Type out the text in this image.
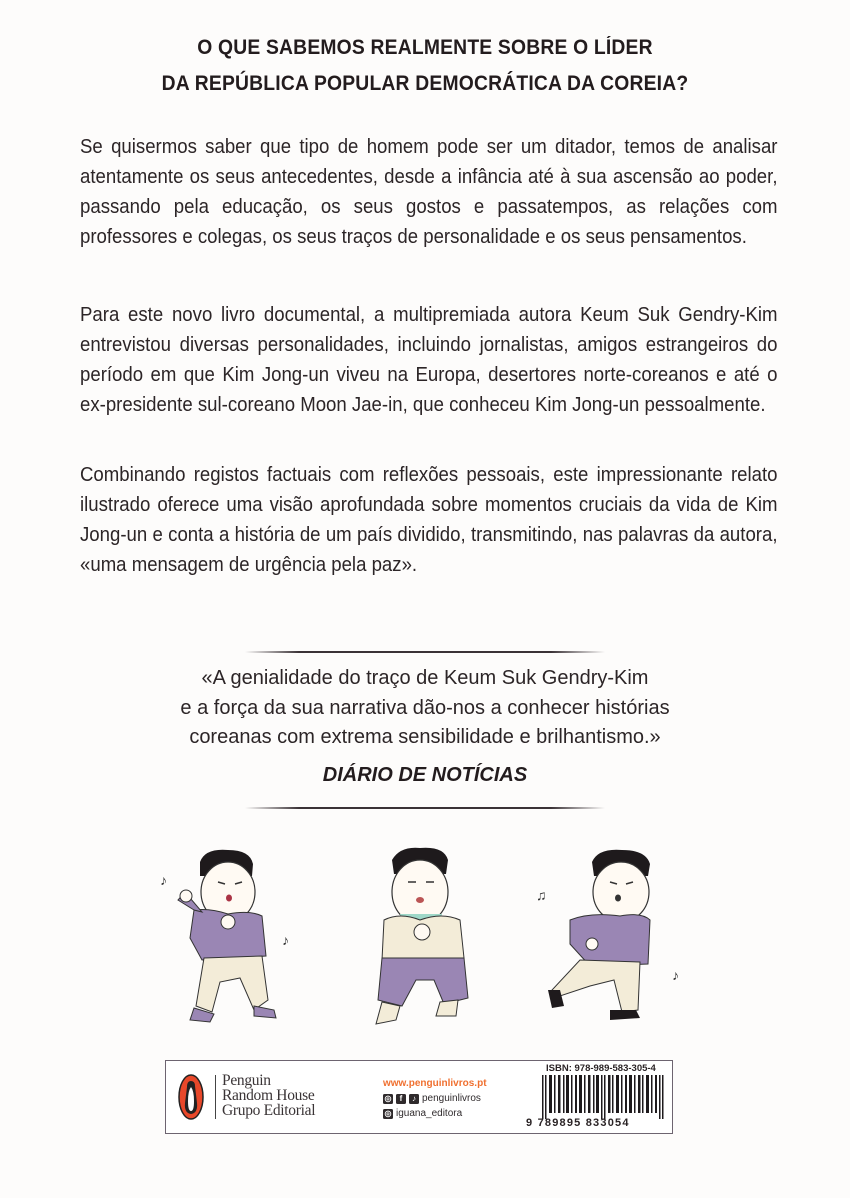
O QUE SABEMOS REALMENTE SOBRE O LÍDER
DA REPÚBLICA POPULAR DEMOCRÁTICA DA COREIA?
Se quisermos saber que tipo de homem pode ser um ditador, temos de analisar atentamente os seus antecedentes, desde a infância até à sua ascensão ao poder, passando pela educação, os seus gostos e passatempos, as relações com professores e colegas, os seus traços de personalidade e os seus pensamentos.
Para este novo livro documental, a multipremiada autora Keum Suk Gendry-Kim entrevistou diversas personalidades, incluindo jornalistas, amigos estrangeiros do período em que Kim Jong-un viveu na Europa, desertores norte-coreanos e até o ex-presidente sul-coreano Moon Jae-in, que conheceu Kim Jong-un pessoalmente.
Combinando registos factuais com reflexões pessoais, este impressionante relato ilustrado oferece uma visão aprofundada sobre momentos cruciais da vida de Kim Jong-un e conta a história de um país dividido, transmitindo, nas palavras da autora, «uma mensagem de urgência pela paz».
«A genialidade do traço de Keum Suk Gendry-Kim
e a força da sua narrativa dão-nos a conhecer histórias
coreanas com extrema sensibilidade e brilhantismo.»
DIÁRIO DE NOTÍCIAS
♪
♪
♫
♪
Penguin
Random House
Grupo Editorial
www.penguinlivros.pt
◎	f	♪ penguinlivros
◎ iguana_editora
ISBN: 978-989-583-305-4
9 789895 833054
